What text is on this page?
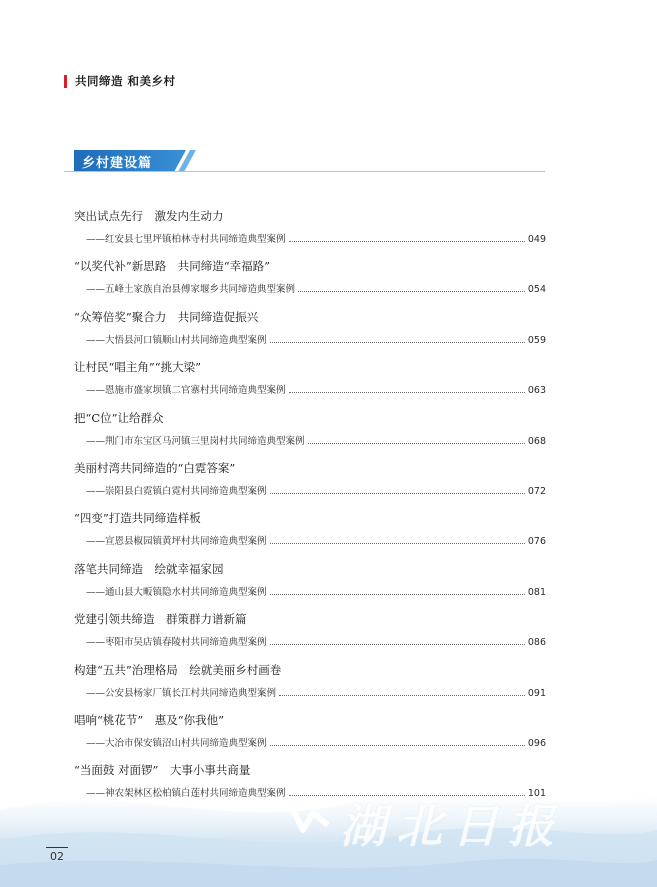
共同缔造 和美乡村
乡村建设篇
突出试点先行　激发内生动力
——红安县七里坪镇柏林寺村共同缔造典型案例	049
“以奖代补”新思路　共同缔造“幸福路”
——五峰土家族自治县傅家堰乡共同缔造典型案例	054
“众筹倍奖”聚合力　共同缔造促振兴
——大悟县河口镇顺山村共同缔造典型案例	059
让村民“唱主角”“挑大梁”
——恩施市盛家坝镇二官寨村共同缔造典型案例	063
把“C位”让给群众
——荆门市东宝区马河镇三里岗村共同缔造典型案例	068
美丽村湾共同缔造的“白霓答案”
——崇阳县白霓镇白霓村共同缔造典型案例	072
“四变”打造共同缔造样板
——宣恩县椒园镇黄坪村共同缔造典型案例	076
落笔共同缔造　绘就幸福家园
——通山县大畈镇隐水村共同缔造典型案例	081
党建引领共缔造　群策群力谱新篇
——枣阳市吴店镇春陵村共同缔造典型案例	086
构建“五共”治理格局　绘就美丽乡村画卷
——公安县杨家厂镇长江村共同缔造典型案例	091
唱响“桃花节”　惠及“你我他”
——大冶市保安镇沼山村共同缔造典型案例	096
“当面鼓 对面锣”　大事小事共商量
——神农架林区松柏镇白莲村共同缔造典型案例	101
湖北日报
02
